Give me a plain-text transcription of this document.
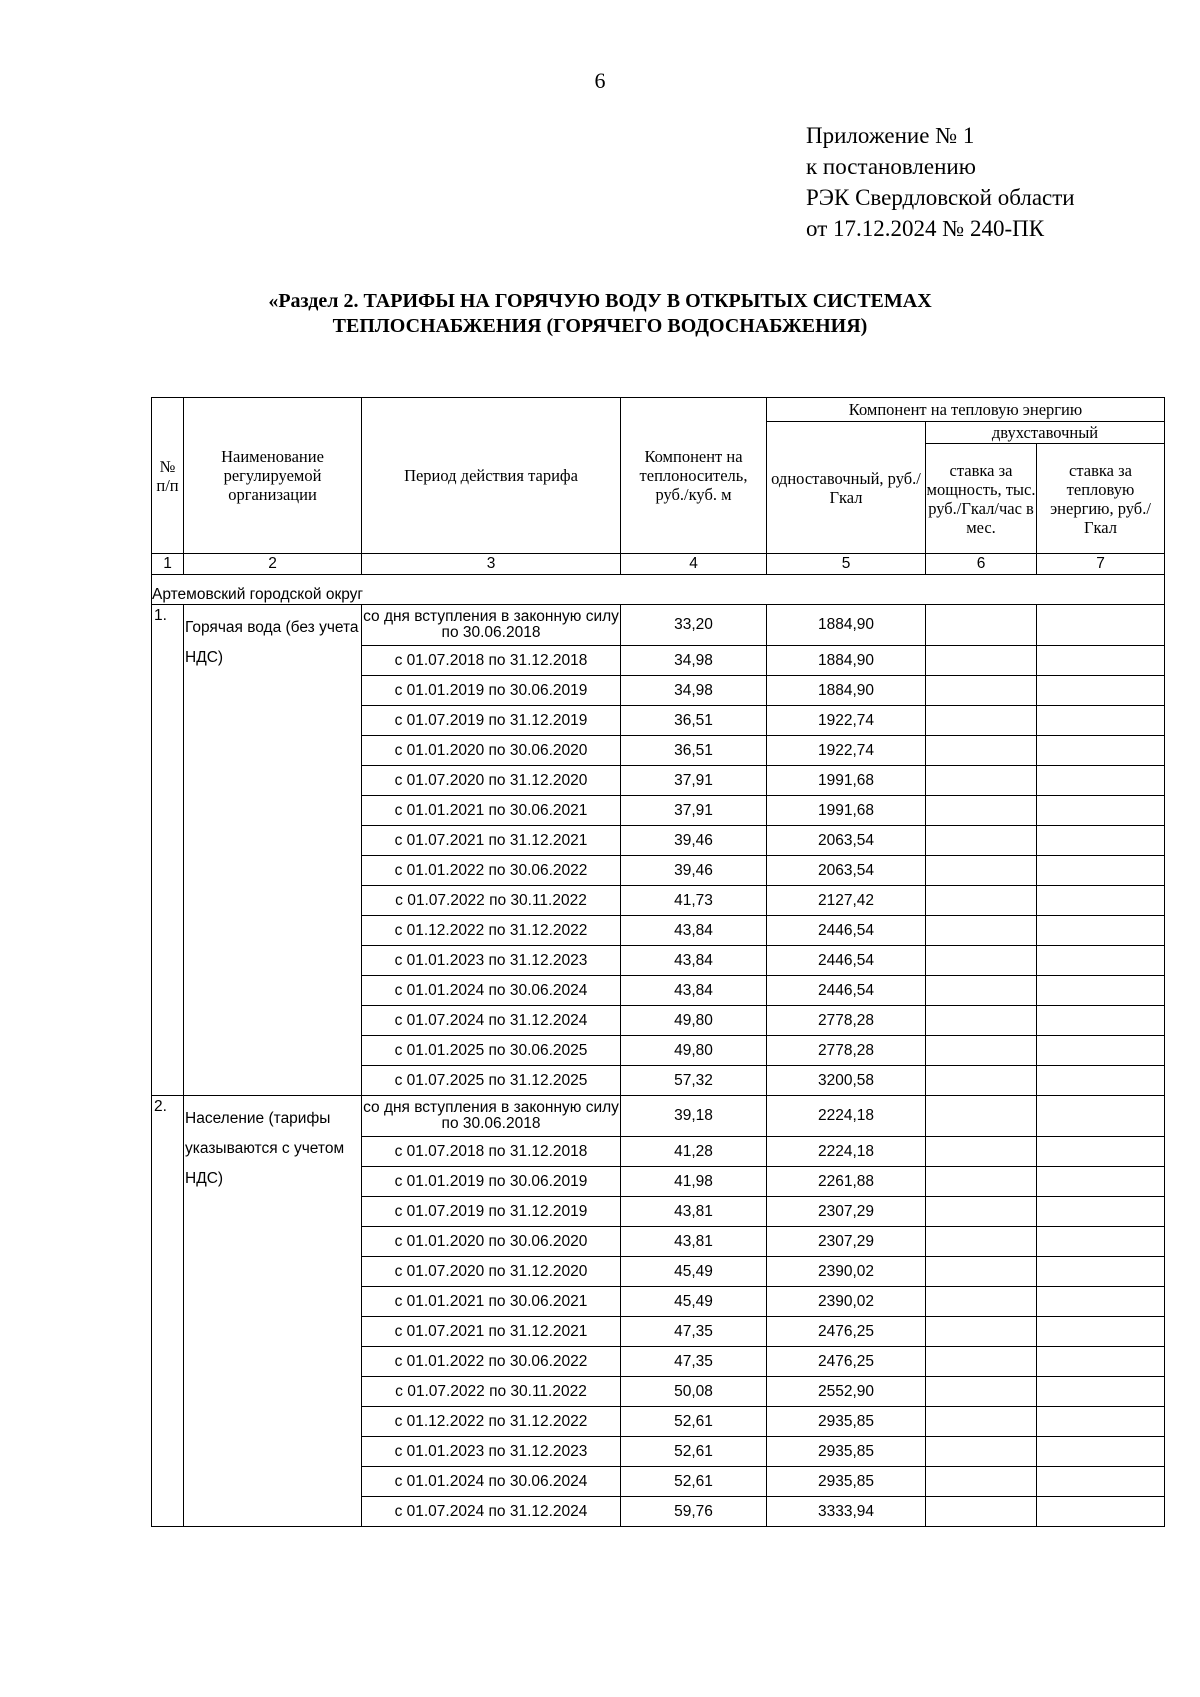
6
Приложение № 1
к постановлению
РЭК Свердловской области
от 17.12.2024 № 240-ПК
«Раздел 2. ТАРИФЫ НА ГОРЯЧУЮ ВОДУ В ОТКРЫТЫХ СИСТЕМАХ
ТЕПЛОСНАБЖЕНИЯ (ГОРЯЧЕГО ВОДОСНАБЖЕНИЯ)
№ п/п	Наименование регулируемой организации	Период действия тарифа	Компонент на теплоноситель, руб./куб. м	Компонент на тепловую энергию		
				одноставочный, руб./Гкал	двухставочный	
					ставка за мощность, тыс. руб./Гкал/час в мес.	ставка за тепловую энергию, руб./Гкал
1	2	3	4	5	6	7
Артемовский городской округ						
1.	Горячая вода (без учета НДС)	со дня вступления в законную силу по 30.06.2018	33,20	1884,90		
		с 01.07.2018 по 31.12.2018	34,98	1884,90		
		с 01.01.2019 по 30.06.2019	34,98	1884,90		
		с 01.07.2019 по 31.12.2019	36,51	1922,74		
		с 01.01.2020 по 30.06.2020	36,51	1922,74		
		с 01.07.2020 по 31.12.2020	37,91	1991,68		
		с 01.01.2021 по 30.06.2021	37,91	1991,68		
		с 01.07.2021 по 31.12.2021	39,46	2063,54		
		с 01.01.2022 по 30.06.2022	39,46	2063,54		
		с 01.07.2022 по 30.11.2022	41,73	2127,42		
		с 01.12.2022 по 31.12.2022	43,84	2446,54		
		с 01.01.2023 по 31.12.2023	43,84	2446,54		
		с 01.01.2024 по 30.06.2024	43,84	2446,54		
		с 01.07.2024 по 31.12.2024	49,80	2778,28		
		с 01.01.2025 по 30.06.2025	49,80	2778,28		
		с 01.07.2025 по 31.12.2025	57,32	3200,58		
2.	Население (тарифы указываются с учетом НДС)	со дня вступления в законную силу по 30.06.2018	39,18	2224,18		
		с 01.07.2018 по 31.12.2018	41,28	2224,18		
		с 01.01.2019 по 30.06.2019	41,98	2261,88		
		с 01.07.2019 по 31.12.2019	43,81	2307,29		
		с 01.01.2020 по 30.06.2020	43,81	2307,29		
		с 01.07.2020 по 31.12.2020	45,49	2390,02		
		с 01.01.2021 по 30.06.2021	45,49	2390,02		
		с 01.07.2021 по 31.12.2021	47,35	2476,25		
		с 01.01.2022 по 30.06.2022	47,35	2476,25		
		с 01.07.2022 по 30.11.2022	50,08	2552,90		
		с 01.12.2022 по 31.12.2022	52,61	2935,85		
		с 01.01.2023 по 31.12.2023	52,61	2935,85		
		с 01.01.2024 по 30.06.2024	52,61	2935,85		
		с 01.07.2024 по 31.12.2024	59,76	3333,94		
